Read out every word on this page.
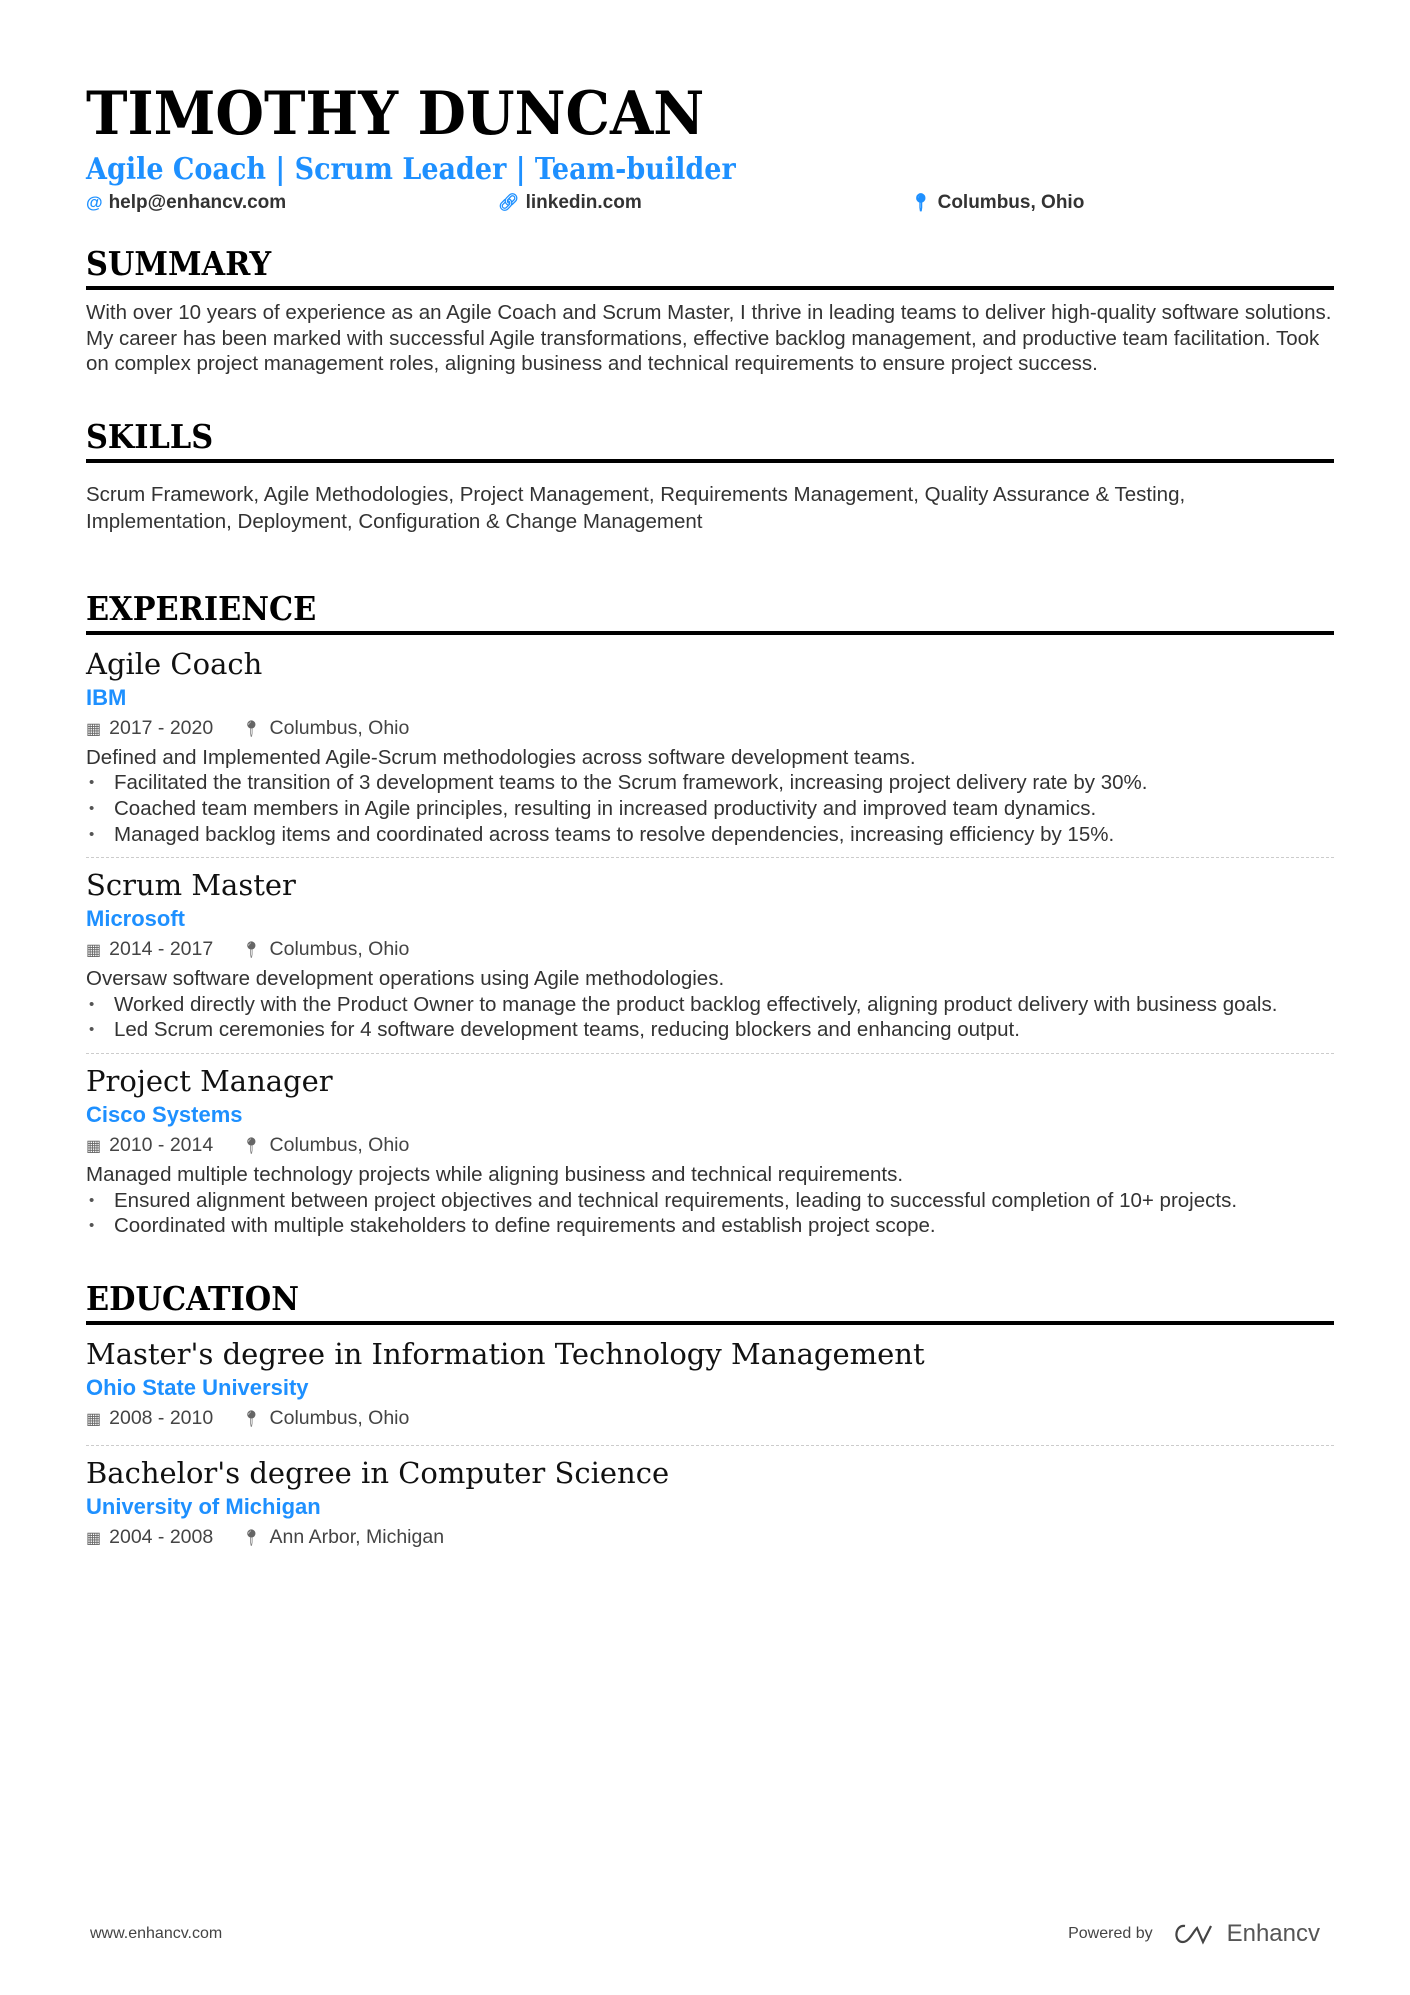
TIMOTHY DUNCAN
Agile Coach | Scrum Leader | Team-builder
@ help@enhancv.com	🔗︎ linkedin.com	📍︎ Columbus, Ohio
SUMMARY
With over 10 years of experience as an Agile Coach and Scrum Master, I thrive in leading teams to deliver high-quality software solutions. My career has been marked with successful Agile transformations, effective backlog management, and productive team facilitation. Took on complex project management roles, aligning business and technical requirements to ensure project success.
SKILLS
Scrum Framework, Agile Methodologies, Project Management, Requirements Management, Quality Assurance & Testing, Implementation, Deployment, Configuration & Change Management
EXPERIENCE
Agile Coach
IBM
▦ 2017 - 2020 📍︎ Columbus, Ohio
Defined and Implemented Agile-Scrum methodologies across software development teams.
• Facilitated the transition of 3 development teams to the Scrum framework, increasing project delivery rate by 30%.
• Coached team members in Agile principles, resulting in increased productivity and improved team dynamics.
• Managed backlog items and coordinated across teams to resolve dependencies, increasing efficiency by 15%.
Scrum Master
Microsoft
▦ 2014 - 2017 📍︎ Columbus, Ohio
Oversaw software development operations using Agile methodologies.
• Worked directly with the Product Owner to manage the product backlog effectively, aligning product delivery with business goals.
• Led Scrum ceremonies for 4 software development teams, reducing blockers and enhancing output.
Project Manager
Cisco Systems
▦ 2010 - 2014 📍︎ Columbus, Ohio
Managed multiple technology projects while aligning business and technical requirements.
• Ensured alignment between project objectives and technical requirements, leading to successful completion of 10+ projects.
• Coordinated with multiple stakeholders to define requirements and establish project scope.
EDUCATION
Master's degree in Information Technology Management
Ohio State University
▦ 2008 - 2010 📍︎ Columbus, Ohio
Bachelor's degree in Computer Science
University of Michigan
▦ 2004 - 2008 📍︎ Ann Arbor, Michigan
www.enhancv.com	Powered by	Enhancv
